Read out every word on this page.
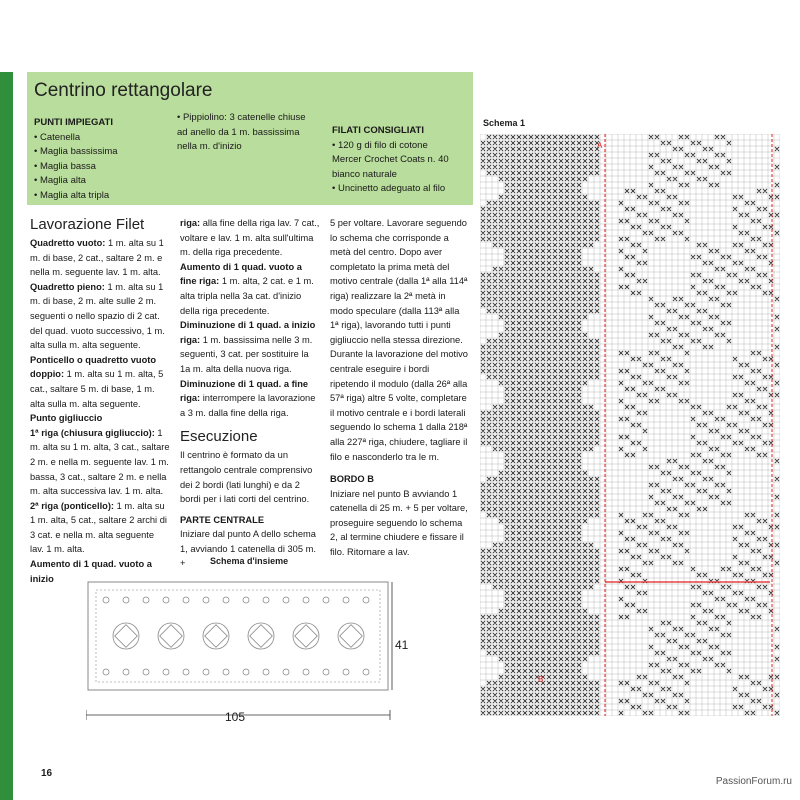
Centrino rettangolare
PUNTI IMPIEGATI
• Catenella
• Maglia bassissima
• Maglia bassa
• Maglia alta
• Maglia alta tripla
• Pippiolino: 3 catenelle chiuse
ad anello da 1 m. bassissima
nella m. d'inizio
FILATI CONSIGLIATI
• 120 g di filo di cotone
Mercer Crochet Coats n. 40
bianco naturale
• Uncinetto adeguato al filo
Lavorazione Filet

Quadretto vuoto: 1 m. alta su 1 m. di base, 2 cat., saltare 2 m. e nella m. seguente lav. 1 m. alta.

Quadretto pieno: 1 m. alta su 1 m. di base, 2 m. alte sulle 2 m. seguenti o nello spazio di 2 cat. del quad. vuoto successivo, 1 m. alta sulla m. alta seguente.

Ponticello o quadretto vuoto doppio: 1 m. alta su 1 m. alta, 5 cat., saltare 5 m. di base, 1 m. alta sulla m. alta seguente.

Punto gigliuccio

1ª riga (chiusura gigliuccio): 1 m. alta su 1 m. alta, 3 cat., saltare 2 m. e nella m. seguente lav. 1 m. bassa, 3 cat., saltare 2 m. e nella m. alta successiva lav. 1 m. alta.

2ª riga (ponticello): 1 m. alta su 1 m. alta, 5 cat., saltare 2 archi di 3 cat. e nella m. alta seguente lav. 1 m. alta.

Aumento di 1 quad. vuoto a inizio

riga: alla fine della riga lav. 7 cat., voltare e lav. 1 m. alta sull'ultima m. della riga precedente.

Aumento di 1 quad. vuoto a fine riga: 1 m. alta, 2 cat. e 1 m. alta tripla nella 3a cat. d'inizio della riga precedente.

Diminuzione di 1 quad. a inizio riga: 1 m. bassissima nelle 3 m. seguenti, 3 cat. per sostituire la 1a m. alta della nuova riga.

Diminuzione di 1 quad. a fine riga: interrompere la lavorazione a 3 m. dalla fine della riga.

Esecuzione

Il centrino è formato da un rettangolo centrale comprensivo dei 2 bordi (lati lunghi) e da 2 bordi per i lati corti del centrino.

PARTE CENTRALE

Iniziare dal punto A dello schema 1, avviando 1 catenella di 305 m. +

5 per voltare. Lavorare seguendo lo schema che corrisponde a metà del centro. Dopo aver completato la prima metà del motivo centrale (dalla 1ª alla 114ª riga) realizzare la 2ª metà in modo speculare (dalla 113ª alla 1ª riga), lavorando tutti i punti gigliuccio nella stessa direzione. Durante la lavorazione del motivo centrale eseguire i bordi ripetendo il modulo (dalla 26ª alla 57ª riga) altre 5 volte, completare il motivo centrale e i bordi laterali seguendo lo schema 1 dalla 218ª alla 227ª riga, chiudere, tagliare il filo e nasconderlo tra le m.

BORDO B

Iniziare nel punto B avviando 1 catenella di 25 m. + 5 per voltare, proseguire seguendo lo schema 2, al termine chiudere e fissare il filo. Ritornare a lav.

Schema d'insieme
41
105
Schema 1
A
B
16
PassionForum.ru
